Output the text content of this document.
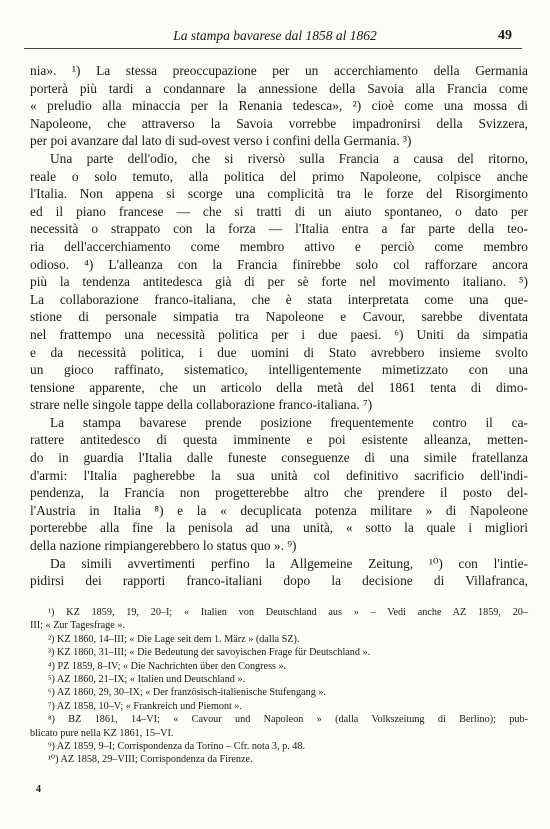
La stampa bavarese dal 1858 al 1862	49

nia». ¹) La stessa preoccupazione per un accerchiamento della Germania
porterà più tardi a condannare la annessione della Savoia alla Francia come
« preludio alla minaccia per la Renania tedesca», ²) cioè come una mossa di
Napoleone, che attraverso la Savoia vorrebbe impadronirsi della Svizzera,
per poi avanzare dal lato di sud-ovest verso i confini della Germania. ³)

Una parte dell'odio, che si riversò sulla Francia a causa del ritorno,
reale o solo temuto, alla politica del primo Napoleone, colpisce anche
l'Italia. Non appena si scorge una complicità tra le forze del Risorgimento
ed il piano francese — che si tratti di un aiuto spontaneo, o dato per
necessità o strappato con la forza — l'Italia entra a far parte della teo-
ria dell'accerchiamento come membro attivo e perciò come membro
odioso. ⁴) L'alleanza con la Francia finirebbe solo col rafforzare ancora
più la tendenza antitedesca già di per sè forte nel movimento italiano. ⁵)
La collaborazione franco-italiana, che è stata interpretata come una que-
stione di personale simpatia tra Napoleone e Cavour, sarebbe diventata
nel frattempo una necessità politica per i due paesi. ⁶) Uniti da simpatia
e da necessità politica, i due uomini di Stato avrebbero insieme svolto
un gioco raffinato, sistematico, intelligentemente mimetizzato con una
tensione apparente, che un articolo della metà del 1861 tenta di dimo-
strare nelle singole tappe della collaborazione franco-italiana. ⁷)

La stampa bavarese prende posizione frequentemente contro il ca-
rattere antitedesco di questa imminente e poi esistente alleanza, metten-
do in guardia l'Italia dalle funeste conseguenze di una simile fratellanza
d'armi: l'Italia pagherebbe la sua unità col definitivo sacrificio dell'indi-
pendenza, la Francia non progetterebbe altro che prendere il posto del-
l'Austria in Italia ⁸) e la « decuplicata potenza militare » di Napoleone
porterebbe alla fine la penisola ad una unità, « sotto la quale i migliori
della nazione rimpiangerebbero lo status quo ». ⁹)

Da simili avvertimenti perfino la Allgemeine Zeitung, ¹⁰) con l'intie-
pidirsi dei rapporti franco-italiani dopo la decisione di Villafranca,

¹) KZ 1859, 19, 20–I; « Italien von Deutschland aus » – Vedi anche AZ 1859, 20–
III; « Zur Tagesfrage ».
²) KZ 1860, 14–III; « Die Lage seit dem 1. März » (dalla SZ).
³) KZ 1860, 31–III; « Die Bedeutung der savoyischen Frage für Deutschland ».
⁴) PZ 1859, 8–IV; « Die Nachrichten über den Congress ».
⁵) AZ 1860, 21–IX; « Italien und Deutschland ».
⁶) AZ 1860, 29, 30–IX; « Der französisch-italienische Stufengang ».
⁷) AZ 1858, 10–V; « Frankreich und Piemont ».
⁸) BZ 1861, 14–VI; « Cavour und Napoleon » (dalla Volkszeitung di Berlino); pub-
blicato pure nella KZ 1861, 15–VI.
⁹) AZ 1859, 9–I; Corrispondenza da Torino – Cfr. nota 3, p. 48.
¹⁰) AZ 1858, 29–VIII; Corrispondenza da Firenze.
4
